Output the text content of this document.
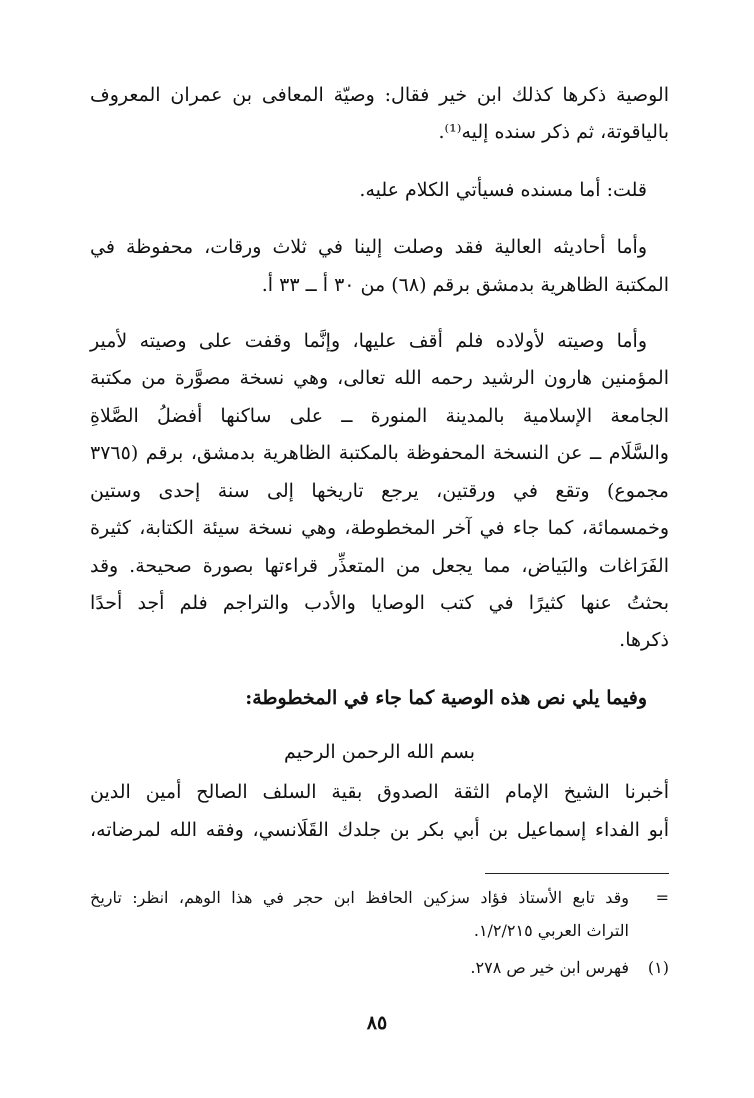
الوصية ذكرها كذلك ابن خير فقال: وصيّة المعافى بن عمران المعروف
بالياقوتة، ثم ذكر سنده إليه⁽¹⁾.
قلت: أما مسنده فسيأتي الكلام عليه.
وأما أحاديثه العالية فقد وصلت إلينا في ثلاث ورقات، محفوظة في
المكتبة الظاهرية بدمشق برقم (٦٨) من ٣٠ أ ــ ٣٣ أ.
وأما وصيته لأولاده فلم أقف عليها، وإنَّما وقفت على وصيته لأمير
المؤمنين هارون الرشيد رحمه الله تعالى، وهي نسخة مصوَّرة من مكتبة
الجامعة الإسلامية بالمدينة المنورة ــ على ساكنها أفضلُ الصَّلاةِ
والسَّلَام ــ عن النسخة المحفوظة بالمكتبة الظاهرية بدمشق، برقم (٣٧٦٥
مجموع) وتقع في ورقتين، يرجع تاريخها إلى سنة إحدى وستين
وخمسمائة، كما جاء في آخر المخطوطة، وهي نسخة سيئة الكتابة، كثيرة
الفَرَاغات والبَياض، مما يجعل من المتعذِّر قراءتها بصورة صحيحة. وقد
بحثتُ عنها كثيرًا في كتب الوصايا والأدب والتراجم فلم أجد أحدًا
ذكرها.
وفيما يلي نص هذه الوصية كما جاء في المخطوطة:
بسم الله الرحمن الرحيم
أخبرنا الشيخ الإمام الثقة الصدوق بقية السلف الصالح أمين الدين
أبو الفداء إسماعيل بن أبي بكر بن جلدك القَلَانسي، وفقه الله لمرضاته،
=
وقد تابع الأستاذ فؤاد سزكين الحافظ ابن حجر في هذا الوهم، انظر: تاريخ
التراث العربي ١/٢/٢١٥.
(١)
فهرس ابن خير ص ٢٧٨.
٨٥
